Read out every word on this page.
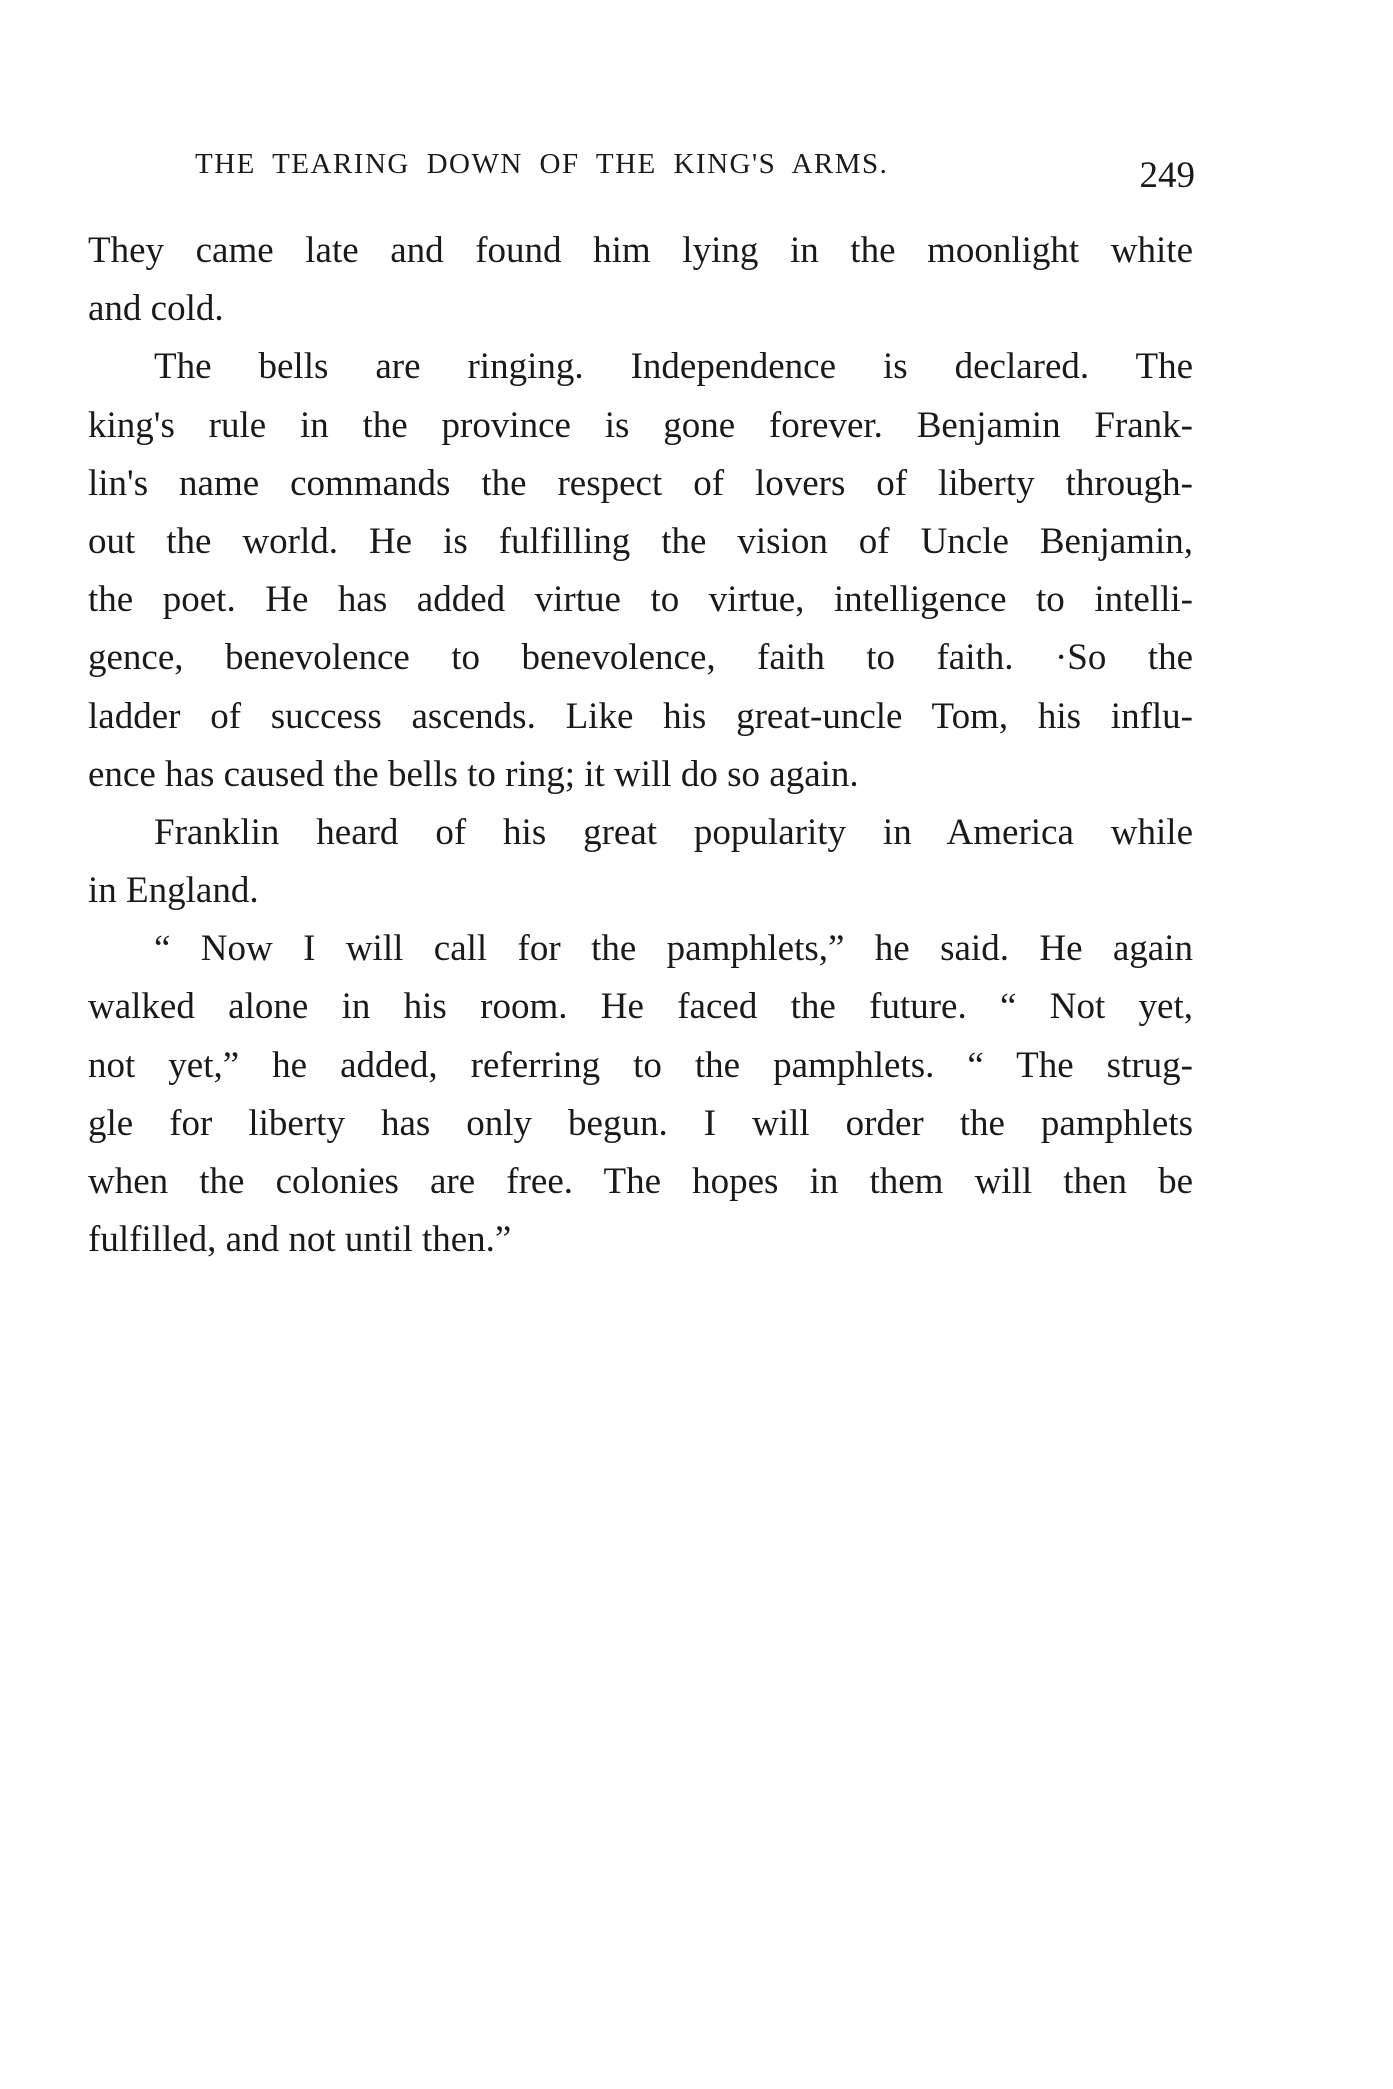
THE TEARING DOWN OF THE KING'S ARMS.	249
They came late and found him lying in the moonlight white
and cold.
The bells are ringing. Independence is declared. The
king's rule in the province is gone forever. Benjamin Frank-
lin's name commands the respect of lovers of liberty through-
out the world. He is fulfilling the vision of Uncle Benjamin,
the poet. He has added virtue to virtue, intelligence to intelli-
gence, benevolence to benevolence, faith to faith. ·So the
ladder of success ascends. Like his great-uncle Tom, his influ-
ence has caused the bells to ring; it will do so again.
Franklin heard of his great popularity in America while
in England.
“ Now I will call for the pamphlets,” he said. He again
walked alone in his room. He faced the future. “ Not yet,
not yet,” he added, referring to the pamphlets. “ The strug-
gle for liberty has only begun. I will order the pamphlets
when the colonies are free. The hopes in them will then be
fulfilled, and not until then.”
